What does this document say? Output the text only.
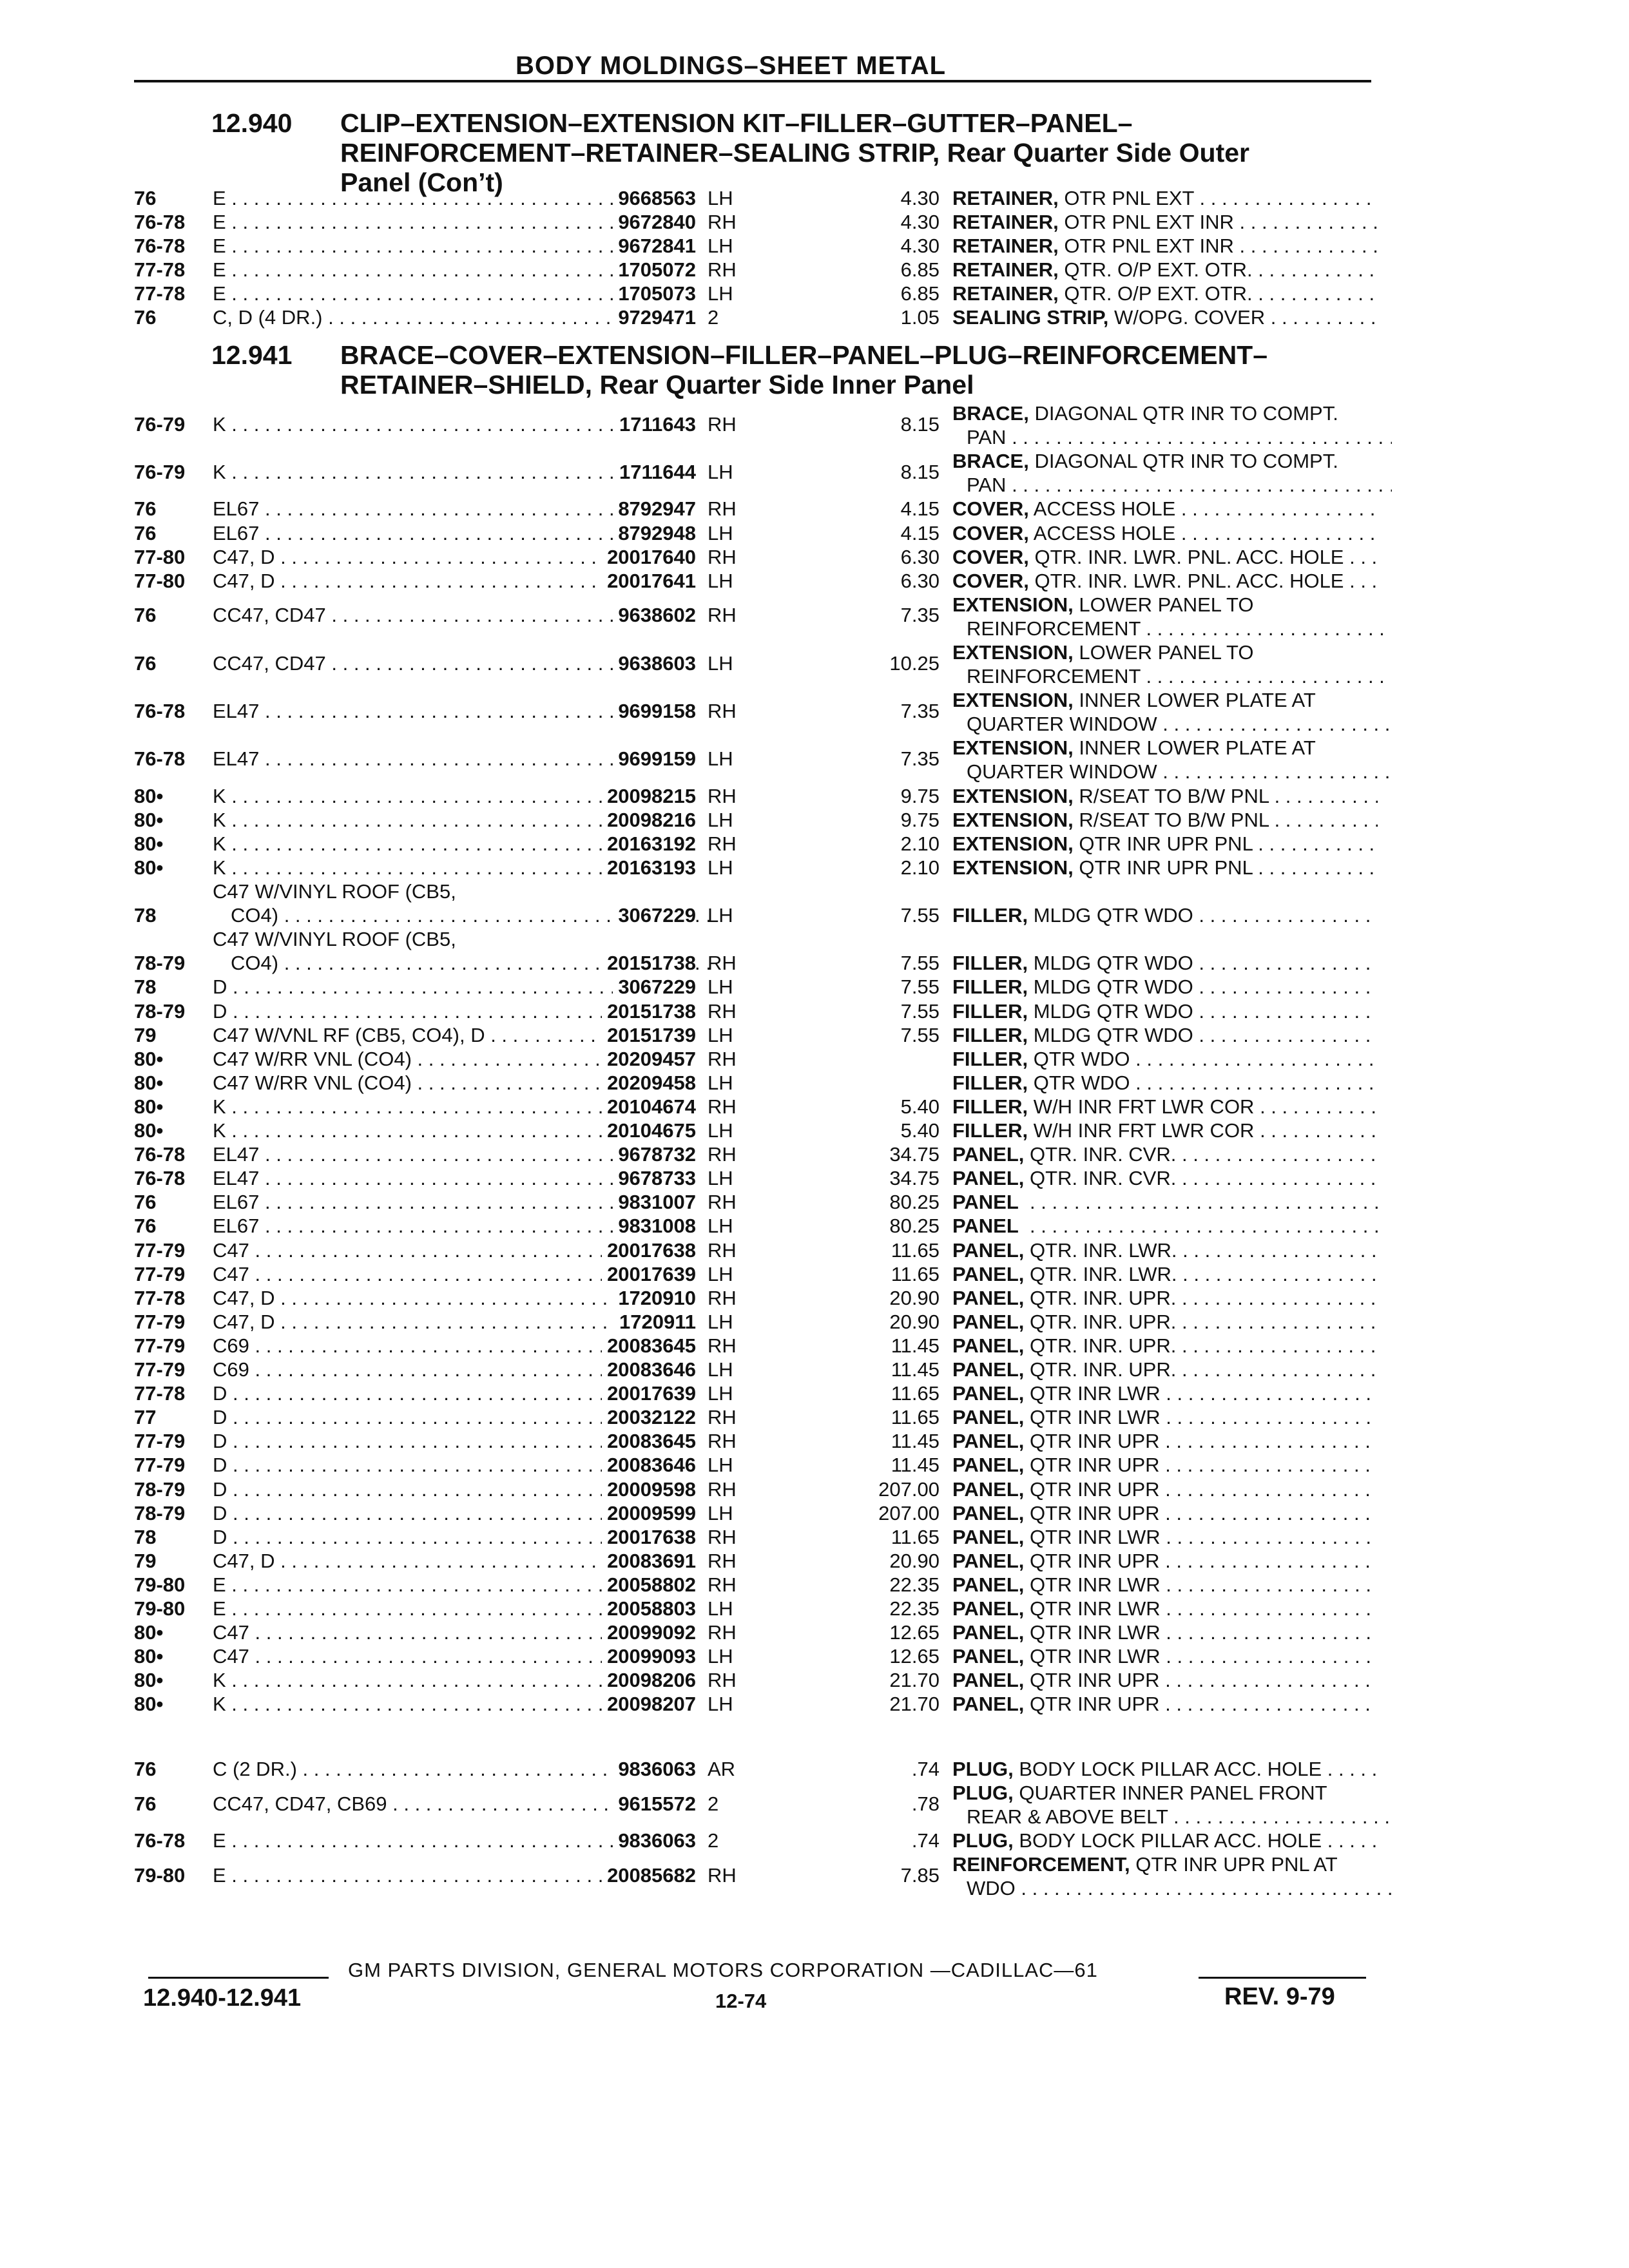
BODY MOLDINGS–SHEET METAL
12.940 CLIP–EXTENSION–EXTENSION KIT–FILLER–GUTTER–PANEL–
REINFORCEMENT–RETAINER–SEALING STRIP, Rear Quarter Side Outer
Panel (Con’t)
76	E . . .	9668563 LH	4.30 RETAINER, OTR PNL EXT . . .
76-78 E . . .	9672840 RH	4.30 RETAINER, OTR PNL EXT INR . . .
76-78 E . . .	9672841 LH	4.30 RETAINER, OTR PNL EXT INR . . .
77-78 E . . .	1705072 RH	6.85 RETAINER, QTR. O/P EXT. OTR. . . .
77-78 E . . .	1705073 LH	6.85 RETAINER, QTR. O/P EXT. OTR. . . .
76	C, D (4 DR.) . . .	9729471 2	1.05 SEALING STRIP, W/OPG. COVER . . .
12.941 BRACE–COVER–EXTENSION–FILLER–PANEL–PLUG–REINFORCEMENT–
RETAINER–SHIELD, Rear Quarter Side Inner Panel
76-79 K . . .	1711643 RH	8.15 BRACE, DIAGONAL QTR INR TO COMPT.
PAN . . .
76-79 K . . .	1711644 LH	8.15 BRACE, DIAGONAL QTR INR TO COMPT.
PAN . . .
76	EL67 . . .	8792947 RH	4.15 COVER, ACCESS HOLE . . .
76	EL67 . . .	8792948 LH	4.15 COVER, ACCESS HOLE . . .
77-80 C47, D . . .	20017640 RH	6.30 COVER, QTR. INR. LWR. PNL. ACC. HOLE . . . .
77-80 C47, D . . .	20017641 LH	6.30 COVER, QTR. INR. LWR. PNL. ACC. HOLE . . . .
76	CC47, CD47 . . .	9638602 RH	7.35 EXTENSION, LOWER PANEL TO
REINFORCEMENT . . .
76	CC47, CD47 . . .	9638603 LH	10.25 EXTENSION, LOWER PANEL TO
REINFORCEMENT . . .
76-78 EL47 . . .	9699158 RH	7.35 EXTENSION, INNER LOWER PLATE AT
QUARTER WINDOW . . .
76-78 EL47 . . .	9699159 LH	7.35 EXTENSION, INNER LOWER PLATE AT
QUARTER WINDOW . . .
80• K . . .	20098215 RH	9.75 EXTENSION, R/SEAT TO B/W PNL . . .
80• K . . .	20098216 LH	9.75 EXTENSION, R/SEAT TO B/W PNL . . .
80• K . . .	20163192 RH	2.10 EXTENSION, QTR INR UPR PNL . . .
80• K . . .	20163193 LH	2.10 EXTENSION, QTR INR UPR PNL . . .
78
C47 W/VINYL ROOF (CB5,
CO4) . . .	3067229 LH	7.55 FILLER, MLDG QTR WDO . . .
78-79
C47 W/VINYL ROOF (CB5,
CO4) . . .	20151738 RH	7.55 FILLER, MLDG QTR WDO . . .
78	D . . .	3067229 LH	7.55 FILLER, MLDG QTR WDO . . .
78-79 D . . .	20151738 RH	7.55 FILLER, MLDG QTR WDO . . .
79	C47 W/VNL RF (CB5, CO4), D . . . .	20151739 LH	7.55 FILLER, MLDG QTR WDO . . .
80• C47 W/RR VNL (CO4) . . .	20209457 RH	FILLER, QTR WDO . . .
80• C47 W/RR VNL (CO4) . . .	20209458 LH	FILLER, QTR WDO . . .
80• K . . .	20104674 RH	5.40 FILLER, W/H INR FRT LWR COR . . .
80• K . . .	20104675 LH	5.40 FILLER, W/H INR FRT LWR COR . . .
76-78 EL47 . . .	9678732 RH	34.75 PANEL, QTR. INR. CVR. . . .
76-78 EL47 . . .	9678733 LH	34.75 PANEL, QTR. INR. CVR. . . .
76	EL67 . . .	9831007 RH	80.25 PANEL  . . .
76	EL67 . . .	9831008 LH	80.25 PANEL  . . .
77-79 C47 . . .	20017638 RH	11.65 PANEL, QTR. INR. LWR. . . .
77-79 C47 . . .	20017639 LH	11.65 PANEL, QTR. INR. LWR. . . .
77-78 C47, D . . .	1720910 RH	20.90 PANEL, QTR. INR. UPR. . . .
77-79 C47, D . . .	1720911 LH	20.90 PANEL, QTR. INR. UPR. . . .
77-79 C69 . . .	20083645 RH	11.45 PANEL, QTR. INR. UPR. . . .
77-79 C69 . . .	20083646 LH	11.45 PANEL, QTR. INR. UPR. . . .
77-78 D . . .	20017639 LH	11.65 PANEL, QTR INR LWR . . .
77	D . . .	20032122 RH	11.65 PANEL, QTR INR LWR . . .
77-79 D . . .	20083645 RH	11.45 PANEL, QTR INR UPR . . .
77-79 D . . .	20083646 LH	11.45 PANEL, QTR INR UPR . . .
78-79 D . . .	20009598 RH	207.00 PANEL, QTR INR UPR . . .
78-79 D . . .	20009599 LH	207.00 PANEL, QTR INR UPR . . .
78	D . . .	20017638 RH	11.65 PANEL, QTR INR LWR . . .
79	C47, D . . .	20083691 RH	20.90 PANEL, QTR INR UPR . . .
79-80 E . . .	20058802 RH	22.35 PANEL, QTR INR LWR . . .
79-80 E . . .	20058803 LH	22.35 PANEL, QTR INR LWR . . .
80• C47 . . .	20099092 RH	12.65 PANEL, QTR INR LWR . . .
80• C47 . . .	20099093 LH	12.65 PANEL, QTR INR LWR . . .
80• K . . .	20098206 RH	21.70 PANEL, QTR INR UPR . . .
80• K . . .	20098207 LH	21.70 PANEL, QTR INR UPR . . .
76	C (2 DR.) . . .	9836063 AR	.74 PLUG, BODY LOCK PILLAR ACC. HOLE . . . . . .
76	CC47, CD47, CB69 . . .	9615572 2	.78 PLUG, QUARTER INNER PANEL FRONT
REAR & ABOVE BELT . . .
76-78 E . . .	9836063 2	.74 PLUG, BODY LOCK PILLAR ACC. HOLE . . . . . .
79-80 E . . .	20085682 RH	7.85 REINFORCEMENT, QTR INR UPR PNL AT
WDO . . .
GM PARTS DIVISION, GENERAL MOTORS CORPORATION —CADILLAC—61
12.940-12.941	12-74	REV. 9-79
